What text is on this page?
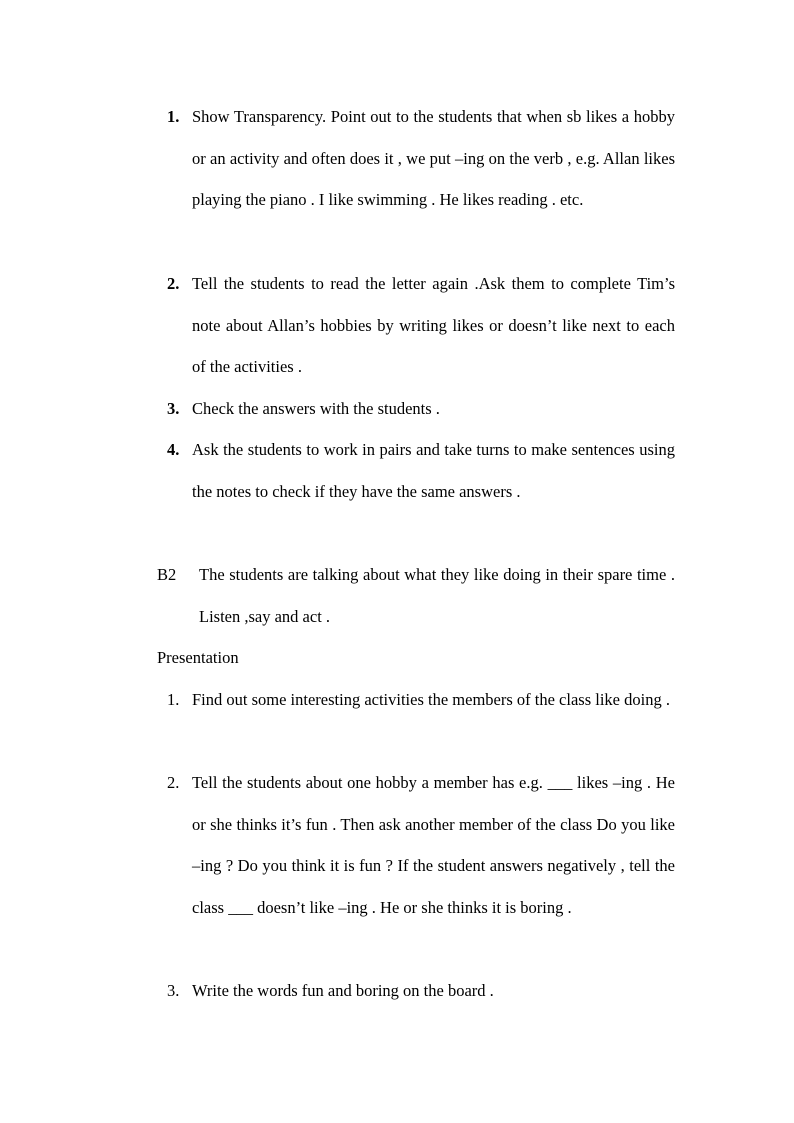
1. Show Transparency. Point out to the students that when sb likes a hobby or an activity and often does it , we put –ing on the verb , e.g. Allan likes playing the piano . I like swimming . He likes reading . etc.
2. Tell the students to read the letter again .Ask them to complete Tim’s note about Allan’s hobbies by writing likes or doesn’t like next to each of the activities .
3. Check the answers with the students .
4. Ask the students to work in pairs and take turns to make sentences using the notes to check if they have the same answers .
B2 The students are talking about what they like doing in their spare time . Listen ,say and act .
Presentation
1. Find out some interesting activities the members of the class like doing .
2. Tell the students about one hobby a member has e.g. ___ likes –ing . He or she thinks it’s fun . Then ask another member of the class Do you like –ing ? Do you think it is fun ? If the student answers negatively , tell the class ___ doesn’t like –ing . He or she thinks it is boring .
3. Write the words fun and boring on the board .
